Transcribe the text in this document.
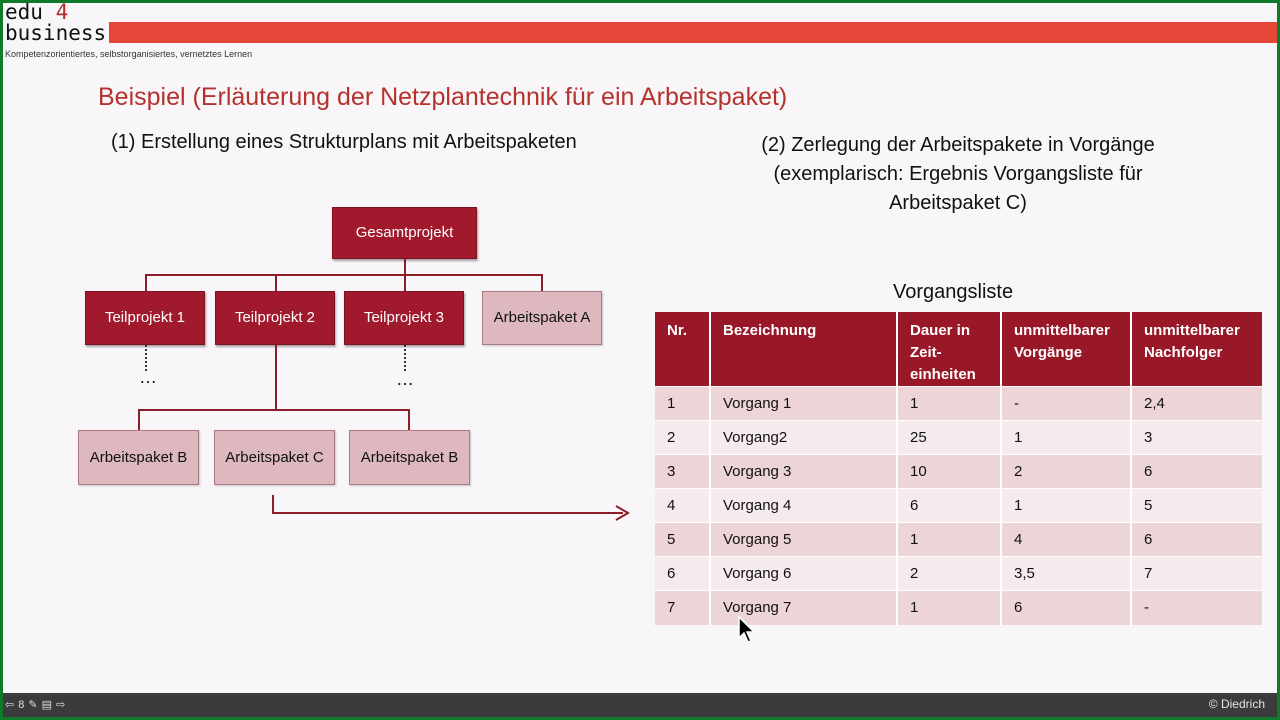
edu 4
business
Kompetenzorientiertes, selbstorganisiertes, vernetztes Lernen
Beispiel (Erläuterung der Netzplantechnik für ein Arbeitspaket)
(1) Erstellung eines Strukturplans mit Arbeitspaketen	(2) Zerlegung der Arbeitspakete in Vorgänge (exemplarisch: Ergebnis Vorgangsliste für Arbeitspaket C)
Gesamtprojekt
Teilprojekt 1	Teilprojekt 2	Teilprojekt 3	Arbeitspaket A
…	…
Arbeitspaket B	Arbeitspaket C	Arbeitspaket B
Vorgangsliste
Nr.	Bezeichnung	Dauer in Zeit-einheiten	unmittelbarer Vorgänge	unmittelbarer Nachfolger
1	Vorgang 1	1	-	2,4
2	Vorgang2	25	1	3
3	Vorgang 3	10	2	6
4	Vorgang 4	6	1	5
5	Vorgang 5	1	4	6
6	Vorgang 6	2	3,5	7
7	Vorgang 7	1	6	-
⇦ 8 ✎ ▤ ⇨	© Diedrich
